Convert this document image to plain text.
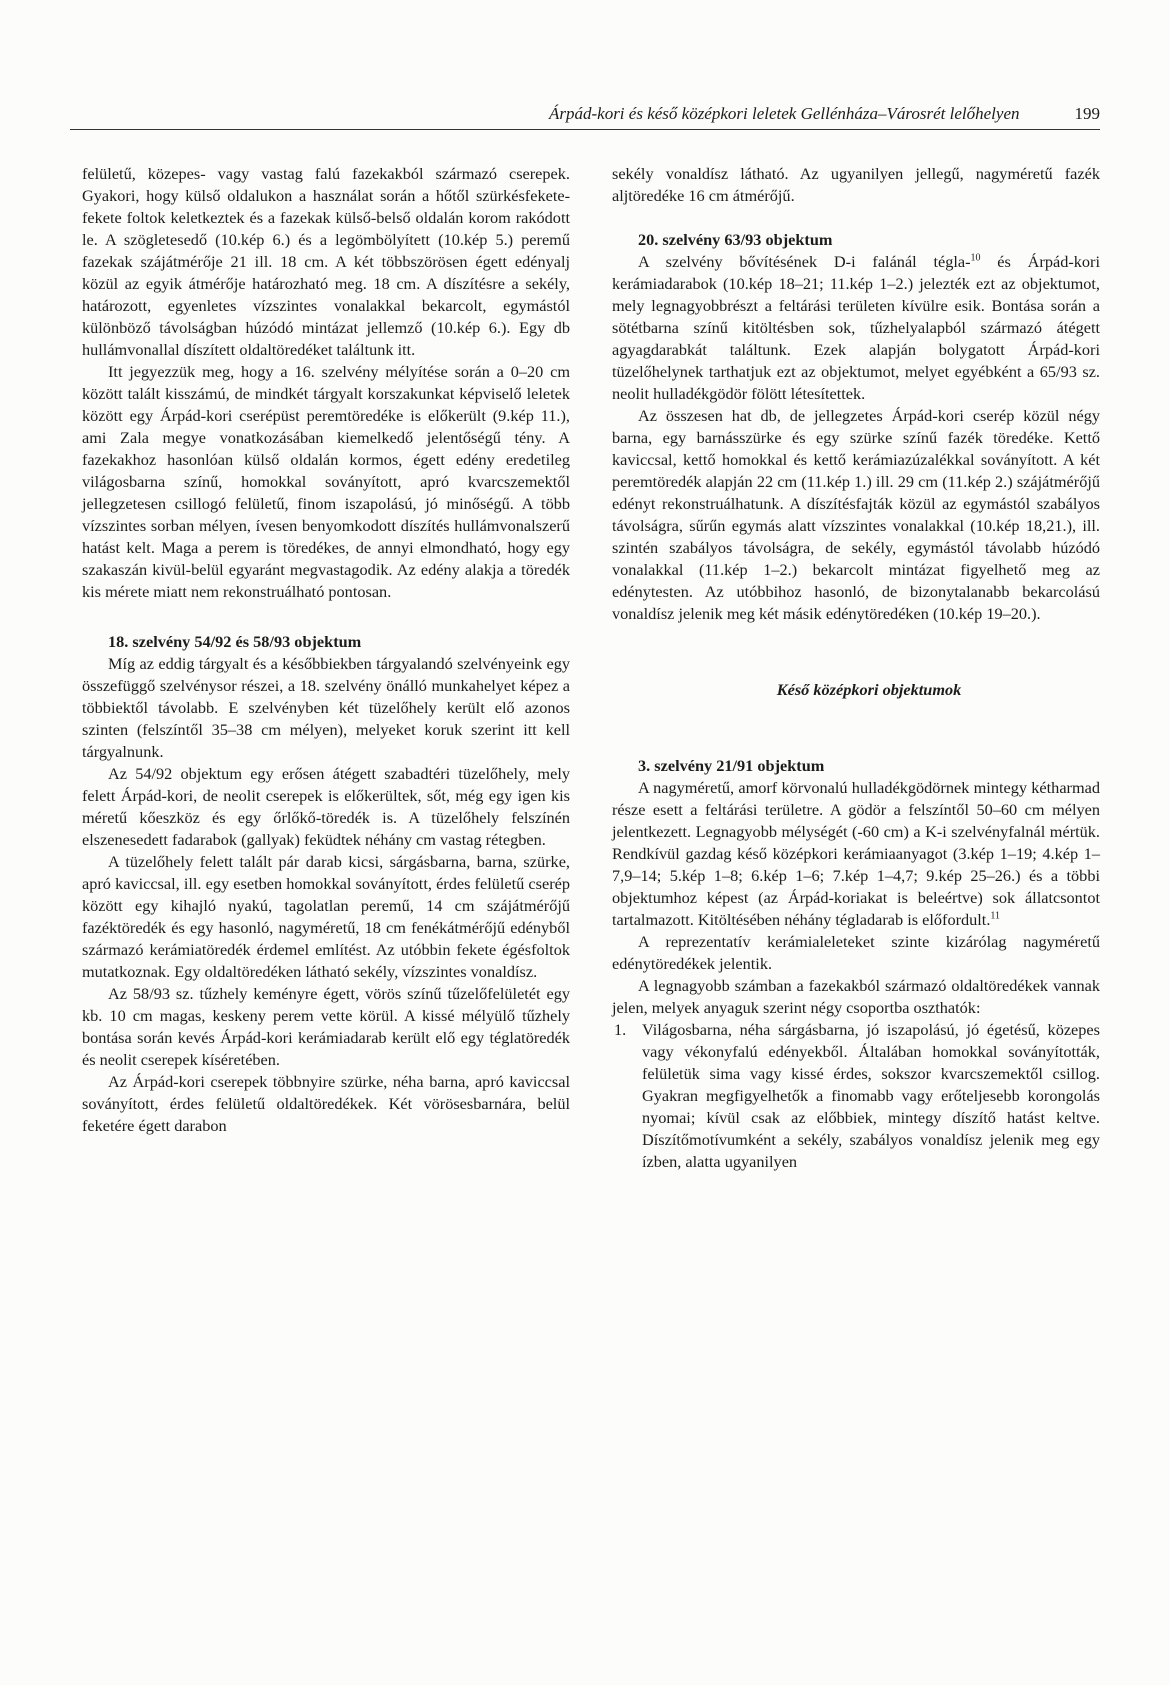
Árpád-kori és késő középkori leletek Gellénháza–Városrét lelőhelyen	199

felületű, közepes- vagy vastag falú fazekakból származó cserepek. Gyakori, hogy külső oldalukon a használat során a hőtől szürkésfekete-fekete foltok keletkeztek és a fazekak külső-belső oldalán korom rakódott le. A szögletesedő (10.kép 6.) és a legömbölyített (10.kép 5.) peremű fazekak szájátmérője 21 ill. 18 cm. A két többszörösen égett edényalj közül az egyik átmérője határozható meg. 18 cm. A díszítésre a sekély, határozott, egyenletes vízszintes vonalakkal bekarcolt, egymástól különböző távolságban húzódó mintázat jellemző (10.kép 6.). Egy db hullámvonallal díszített oldaltöredéket találtunk itt.

Itt jegyezzük meg, hogy a 16. szelvény mélyítése során a 0–20 cm között talált kisszámú, de mindkét tárgyalt korszakunkat képviselő leletek között egy Árpád-kori cserépüst peremtöredéke is előkerült (9.kép 11.), ami Zala megye vonatkozásában kiemelkedő jelentőségű tény. A fazekakhoz hasonlóan külső oldalán kormos, égett edény eredetileg világosbarna színű, homokkal soványított, apró kvarcszemektől jellegzetesen csillogó felületű, finom iszapolású, jó minőségű. A több vízszintes sorban mélyen, ívesen benyomkodott díszítés hullámvonalszerű hatást kelt. Maga a perem is töredékes, de annyi elmondható, hogy egy szakaszán kivül-belül egyaránt megvastagodik. Az edény alakja a töredék kis mérete miatt nem rekonstruálható pontosan.

18. szelvény 54/92 és 58/93 objektum

Míg az eddig tárgyalt és a későbbiekben tárgyalandó szelvényeink egy összefüggő szelvénysor részei, a 18. szelvény önálló munkahelyet képez a többiektől távolabb. E szelvényben két tüzelőhely került elő azonos szinten (felszíntől 35–38 cm mélyen), melyeket koruk szerint itt kell tárgyalnunk.

Az 54/92 objektum egy erősen átégett szabadtéri tüzelőhely, mely felett Árpád-kori, de neolit cserepek is előkerültek, sőt, még egy igen kis méretű kőeszköz és egy őrlőkő-töredék is. A tüzelőhely felszínén elszenesedett fadarabok (gallyak) feküdtek néhány cm vastag rétegben.

A tüzelőhely felett talált pár darab kicsi, sárgásbarna, barna, szürke, apró kaviccsal, ill. egy esetben homokkal soványított, érdes felületű cserép között egy kihajló nyakú, tagolatlan peremű, 14 cm szájátmérőjű fazéktöredék és egy hasonló, nagyméretű, 18 cm fenékátmérőjű edényből származó kerámiatöredék érdemel említést. Az utóbbin fekete égésfoltok mutatkoznak. Egy oldaltöredéken látható sekély, vízszintes vonaldísz.

Az 58/93 sz. tűzhely keményre égett, vörös színű tűzelőfelületét egy kb. 10 cm magas, keskeny perem vette körül. A kissé mélyülő tűzhely bontása során kevés Árpád-kori kerámiadarab került elő egy téglatöredék és neolit cserepek kíséretében.

Az Árpád-kori cserepek többnyire szürke, néha barna, apró kaviccsal soványított, érdes felületű oldaltöredékek. Két vörösesbarnára, belül feketére égett darabon

sekély vonaldísz látható. Az ugyanilyen jellegű, nagyméretű fazék aljtöredéke 16 cm átmérőjű.

20. szelvény 63/93 objektum

A szelvény bővítésének D-i falánál tégla-$^{10}$ és Árpád-kori kerámiadarabok (10.kép 18–21; 11.kép 1–2.) jelezték ezt az objektumot, mely legnagyobbrészt a feltárási területen kívülre esik. Bontása során a sötétbarna színű kitöltésben sok, tűzhelyalapból származó átégett agyagdarabkát találtunk. Ezek alapján bolygatott Árpád-kori tüzelőhelynek tarthatjuk ezt az objektumot, melyet egyébként a 65/93 sz. neolit hulladékgödör fölött létesítettek.

Az összesen hat db, de jellegzetes Árpád-kori cserép közül négy barna, egy barnásszürke és egy szürke színű fazék töredéke. Kettő kaviccsal, kettő homokkal és kettő kerámiazúzalékkal soványított. A két peremtöredék alapján 22 cm (11.kép 1.) ill. 29 cm (11.kép 2.) szájátmérőjű edényt rekonstruálhatunk. A díszítésfajták közül az egymástól szabályos távolságra, sűrűn egymás alatt vízszintes vonalakkal (10.kép 18,21.), ill. szintén szabályos távolságra, de sekély, egymástól távolabb húzódó vonalakkal (11.kép 1–2.) bekarcolt mintázat figyelhető meg az edénytesten. Az utóbbihoz hasonló, de bizonytalanabb bekarcolású vonaldísz jelenik meg két másik edénytöredéken (10.kép 19–20.).

Késő középkori objektumok

3. szelvény 21/91 objektum

A nagyméretű, amorf körvonalú hulladékgödörnek mintegy kétharmad része esett a feltárási területre. A gödör a felszíntől 50–60 cm mélyen jelentkezett. Legnagyobb mélységét (-60 cm) a K-i szelvényfalnál mértük. Rendkívül gazdag késő középkori kerámiaanyagot (3.kép 1–19; 4.kép 1–7,9–14; 5.kép 1–8; 6.kép 1–6; 7.kép 1–4,7; 9.kép 25–26.) és a többi objektumhoz képest (az Árpád-koriakat is beleértve) sok állatcsontot tartalmazott. Kitöltésében néhány tégladarab is előfordult.$^{11}$

A reprezentatív kerámialeleteket szinte kizárólag nagyméretű edénytöredékek jelentik.

A legnagyobb számban a fazekakból származó oldaltöredékek vannak jelen, melyek anyaguk szerint négy csoportba oszthatók:

1. Világosbarna, néha sárgásbarna, jó iszapolású, jó égetésű, közepes vagy vékonyfalú edényekből. Általában homokkal soványították, felületük sima vagy kissé érdes, sokszor kvarcszemektől csillog. Gyakran megfigyelhetők a finomabb vagy erőteljesebb korongolás nyomai; kívül csak az előbbiek, mintegy díszítő hatást keltve. Díszítőmotívumként a sekély, szabályos vonaldísz jelenik meg egy ízben, alatta ugyanilyen
